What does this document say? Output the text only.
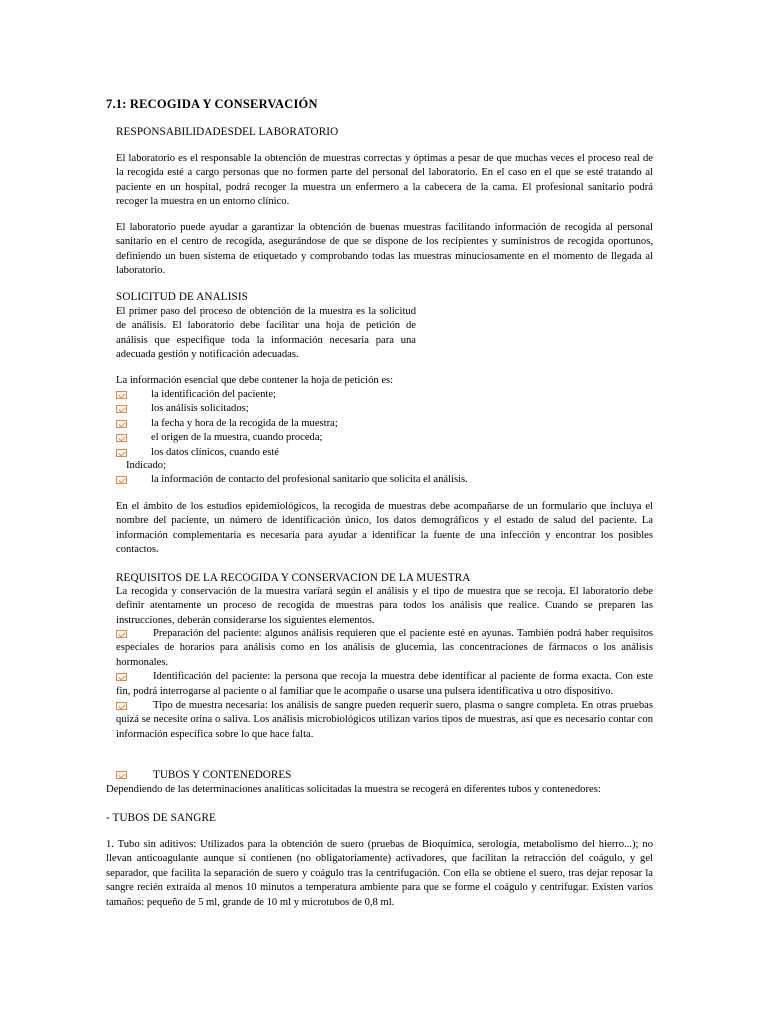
7.1: RECOGIDA Y CONSERVACIÓN
RESPONSABILIDADESDEL LABORATORIO
El laboratorio es el responsable la obtención de muestras correctas y óptimas a pesar de que muchas veces el proceso real de la recogida esté a cargo personas que no formen parte del personal del laboratorio. En el caso en el que se esté tratando al paciente en un hospital, podrá recoger la muestra un enfermero a la cabecera de la cama. El profesional sanitario podrá recoger la muestra en un entorno clínico.
El laboratorio puede ayudar a garantizar la obtención de buenas muestras facilitando información de recogida al personal sanitario en el centro de recogida, asegurándose de que se dispone de los recipientes y suministros de recogida oportunos, definiendo un buen sistema de etiquetado y comprobando todas las muestras minuciosamente en el momento de llegada al laboratorio.
SOLICITUD DE ANALISIS
El primer paso del proceso de obtención de la muestra es la solicitud de análisis. El laboratorio debe facilitar una hoja de petición de análisis que especifique toda la información necesaria para una adecuada gestión y notificación adecuadas.
La información esencial que debe contener la hoja de petición es:
la identificación del paciente;
los análisis solicitados;
la fecha y hora de la recogida de la muestra;
el origen de la muestra, cuando proceda;
los datos clínicos, cuando esté
Indicado;
la información de contacto del profesional sanitario que solicita el análisis.
En el ámbito de los estudios epidemiológicos, la recogida de muestras debe acompañarse de un formulario que incluya el nombre del paciente, un número de identificación único, los datos demográficos y el estado de salud del paciente. La información complementaria es necesaria para ayudar a identificar la fuente de una infección y encontrar los posibles contactos.
REQUISITOS DE LA RECOGIDA Y CONSERVACION DE LA MUESTRA
La recogida y conservación de la muestra variará según el análisis y el tipo de muestra que se recoja. El laboratorio debe definir atentamente un proceso de recogida de muestras para todos los análisis que realice. Cuando se preparen las instrucciones, deberán considerarse los siguientes elementos.
Preparación del paciente: algunos análisis requieren que el paciente esté en ayunas. También podrá haber requisitos especiales de horarios para análisis como en los análisis de glucemia, las concentraciones de fármacos o los análisis hormonales.
Identificación del paciente: la persona que recoja la muestra debe identificar al paciente de forma exacta. Con este fin, podrá interrogarse al paciente o al familiar que le acompañe o usarse una pulsera identificativa u otro dispositivo.
Tipo de muestra necesaria: los análisis de sangre pueden requerir suero, plasma o sangre completa. En otras pruebas quizá se necesite orina o saliva. Los análisis microbiológicos utilizan varios tipos de muestras, así que es necesario contar con información específica sobre lo que hace falta.
TUBOS Y CONTENEDORES
Dependiendo de las determinaciones analíticas solicitadas la muestra se recogerá en diferentes tubos y contenedores:
- TUBOS DE SANGRE
1. Tubo sin aditivos: Utilizados para la obtención de suero (pruebas de Bioquímica, serología, metabolismo del hierro...); no llevan anticoagulante aunque sí contienen (no obligatoriamente) activadores, que facilitan la retracción del coágulo, y gel separador, que facilita la separación de suero y coágulo tras la centrifugación. Con ella se obtiene el suero, tras dejar reposar la sangre recién extraída al menos 10 minutos a temperatura ambiente para que se forme el coágulo y centrifugar. Existen varios tamaños: pequeño de 5 ml, grande de 10 ml y microtubos de 0,8 ml.
